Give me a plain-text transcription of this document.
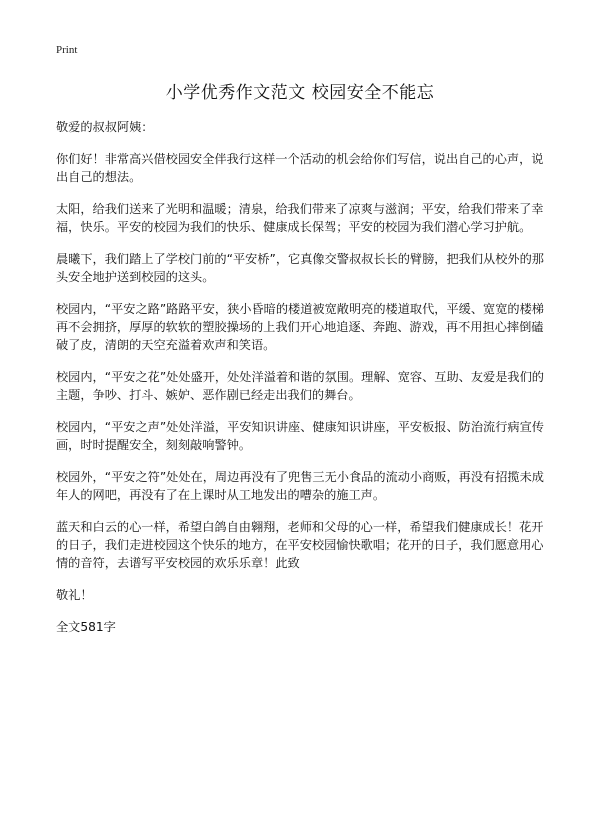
Print
小学优秀作文范文 校园安全不能忘

敬爱的叔叔阿姨：

你们好！非常高兴借校园安全伴我行这样一个活动的机会给你们写信，说出自己的心声，说出自己的想法。

太阳，给我们送来了光明和温暖；清泉，给我们带来了凉爽与滋润；平安，给我们带来了幸福，快乐。平安的校园为我们的快乐、健康成长保驾；平安的校园为我们潜心学习护航。

晨曦下，我们踏上了学校门前的“平安桥”，它真像交警叔叔长长的臂膀，把我们从校外的那头安全地护送到校园的这头。

校园内，“平安之路”路路平安，狭小昏暗的楼道被宽敞明亮的楼道取代，平缓、宽宽的楼梯再不会拥挤，厚厚的软软的塑胶操场的上我们开心地追逐、奔跑、游戏，再不用担心摔倒磕破了皮，清朗的天空充溢着欢声和笑语。

校园内，“平安之花”处处盛开，处处洋溢着和谐的氛围。理解、宽容、互助、友爱是我们的主题，争吵、打斗、嫉妒、恶作剧已经走出我们的舞台。

校园内，“平安之声”处处洋溢，平安知识讲座、健康知识讲座，平安板报、防治流行病宣传画，时时提醒安全，刻刻敲响警钟。

校园外，“平安之符”处处在，周边再没有了兜售三无小食品的流动小商贩，再没有招揽未成年人的网吧，再没有了在上课时从工地发出的嘈杂的施工声。

蓝天和白云的心一样，希望白鸽自由翱翔，老师和父母的心一样，希望我们健康成长！花开的日子，我们走进校园这个快乐的地方，在平安校园愉快歌唱；花开的日子，我们愿意用心情的音符，去谱写平安校园的欢乐乐章！此致

敬礼！

全文581字
